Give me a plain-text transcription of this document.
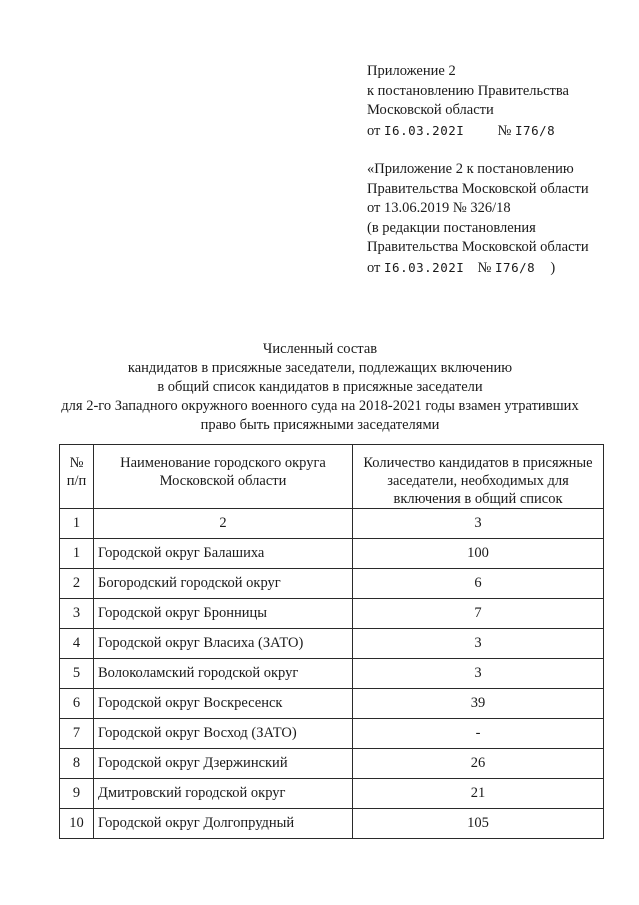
Приложение 2
к постановлению Правительства
Московской области
от I6.03.202I № I76/8
«Приложение 2 к постановлению
Правительства Московской области
от 13.06.2019 № 326/18
(в редакции постановления
Правительства Московской области
от I6.03.202I № I76/8 )
Численный состав
кандидатов в присяжные заседатели, подлежащих включению
в общий список кандидатов в присяжные заседатели
для 2-го Западного окружного военного суда на 2018-2021 годы взамен утративших
право быть присяжными заседателями
№ п/п	Наименование городского округа Московской области	Количество кандидатов в присяжные заседатели, необходимых для включения в общий список
1	2	3
1	Городской округ Балашиха	100
2	Богородский городской округ	6
3	Городской округ Бронницы	7
4	Городской округ Власиха (ЗАТО)	3
5	Волоколамский городской округ	3
6	Городской округ Воскресенск	39
7	Городской округ Восход (ЗАТО)	-
8	Городской округ Дзержинский	26
9	Дмитровский городской округ	21
10	Городской округ Долгопрудный	105
